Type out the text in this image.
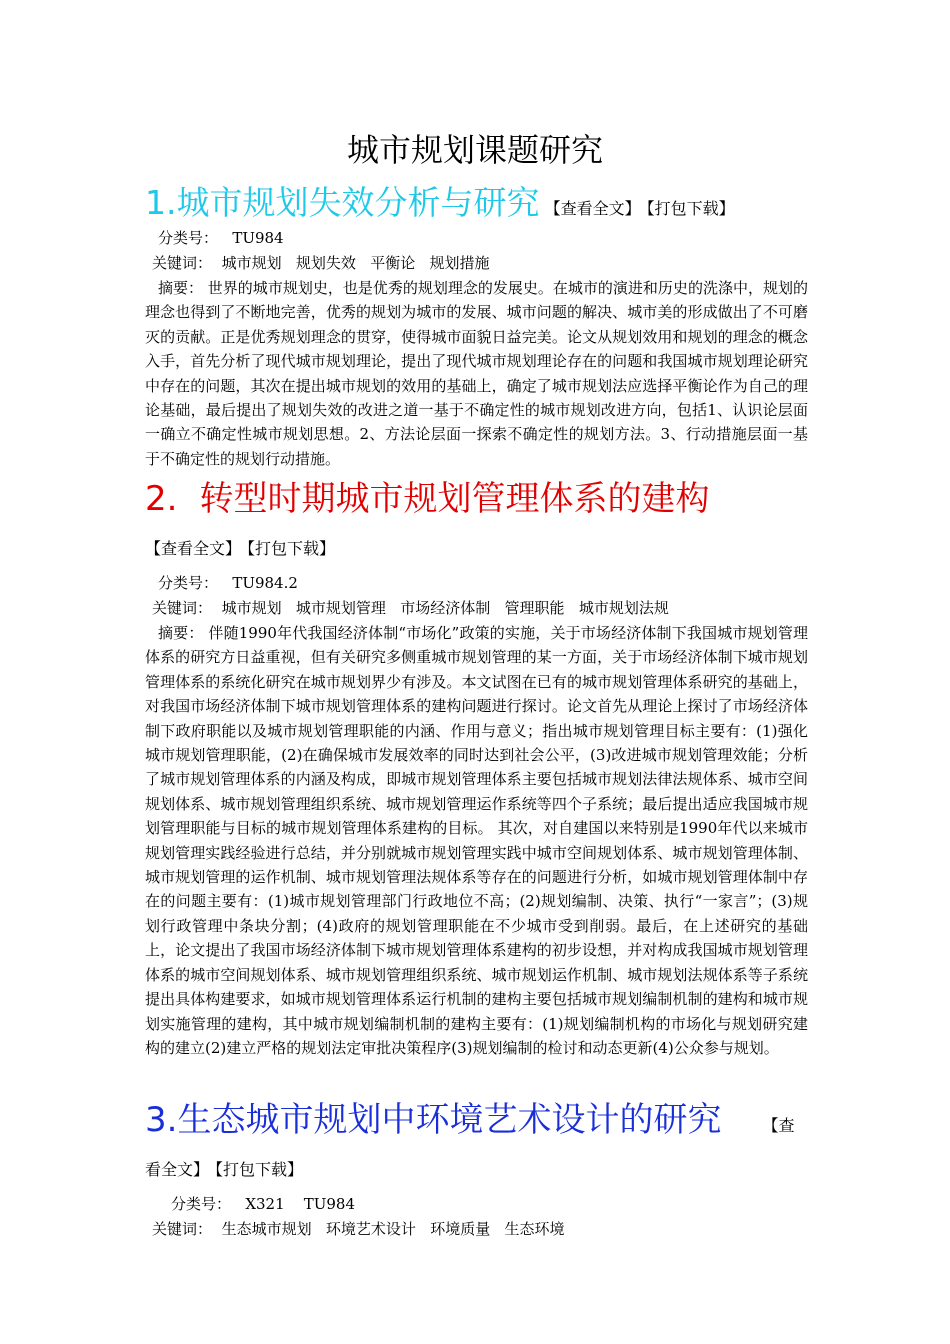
城市规划课题研究
1.城市规划失效分析与研究 【查看全文】 【打包下载】
分类号： TU984
关键词： 城市规划 规划失效 平衡论 规划措施
摘要： 世界的城市规划史，也是优秀的规划理念的发展史。在城市的演进和历史的洗涤中，规划的理念也得到了不断地完善，优秀的规划为城市的发展、城市问题的解决、城市美的形成做出了不可磨灭的贡献。正是优秀规划理念的贯穿，使得城市面貌日益完美。论文从规划效用和规划的理念的概念入手，首先分析了现代城市规划理论，提出了现代城市规划理论存在的问题和我国城市规划理论研究中存在的问题，其次在提出城市规划的效用的基础上，确定了城市规划法应选择平衡论作为自己的理论基础，最后提出了规划失效的改进之道一基于不确定性的城市规划改进方向，包括1、认识论层面一确立不确定性城市规划思想。2、方法论层面一探索不确定性的规划方法。3、行动措施层面一基于不确定性的规划行动措施。
2. 转型时期城市规划管理体系的建构 【查看全文】 【打包下载】
分类号： TU984.2
关键词： 城市规划 城市规划管理 市场经济体制 管理职能 城市规划法规
摘要： 伴随1990年代我国经济体制“市场化”政策的实施，关于市场经济体制下我国城市规划管理体系的研究方日益重视，但有关研究多侧重城市规划管理的某一方面，关于市场经济体制下城市规划管理体系的系统化研究在城市规划界少有涉及。本文试图在已有的城市规划管理体系研究的基础上，对我国市场经济体制下城市规划管理体系的建构问题进行探讨。论文首先从理论上探讨了市场经济体制下政府职能以及城市规划管理职能的内涵、作用与意义；指出城市规划管理目标主要有：(1)强化城市规划管理职能，(2)在确保城市发展效率的同时达到社会公平，(3)改进城市规划管理效能；分析了城市规划管理体系的内涵及构成，即城市规划管理体系主要包括城市规划法律法规体系、城市空间规划体系、城市规划管理组织系统、城市规划管理运作系统等四个子系统；最后提出适应我国城市规划管理职能与目标的城市规划管理体系建构的目标。 其次，对自建国以来特别是1990年代以来城市规划管理实践经验进行总结，并分别就城市规划管理实践中城市空间规划体系、城市规划管理体制、城市规划管理的运作机制、城市规划管理法规体系等存在的问题进行分析，如城市规划管理体制中存在的问题主要有：(1)城市规划管理部门行政地位不高；(2)规划编制、决策、执行“一家言”；(3)规划行政管理中条块分割；(4)政府的规划管理职能在不少城市受到削弱。最后，在上述研究的基础上，论文提出了我国市场经济体制下城市规划管理体系建构的初步设想，并对构成我国城市规划管理体系的城市空间规划体系、城市规划管理组织系统、城市规划运作机制、城市规划法规体系等子系统提出具体构建要求，如城市规划管理体系运行机制的建构主要包括城市规划编制机制的建构和城市规划实施管理的建构，其中城市规划编制机制的建构主要有：(1)规划编制机构的市场化与规划研究建构的建立(2)建立严格的规划法定审批决策程序(3)规划编制的检讨和动态更新(4)公众参与规划。
3.生态城市规划中环境艺术设计的研究	【查看全文】 【打包下载】
分类号： X321    TU984
关键词： 生态城市规划 环境艺术设计 环境质量 生态环境
